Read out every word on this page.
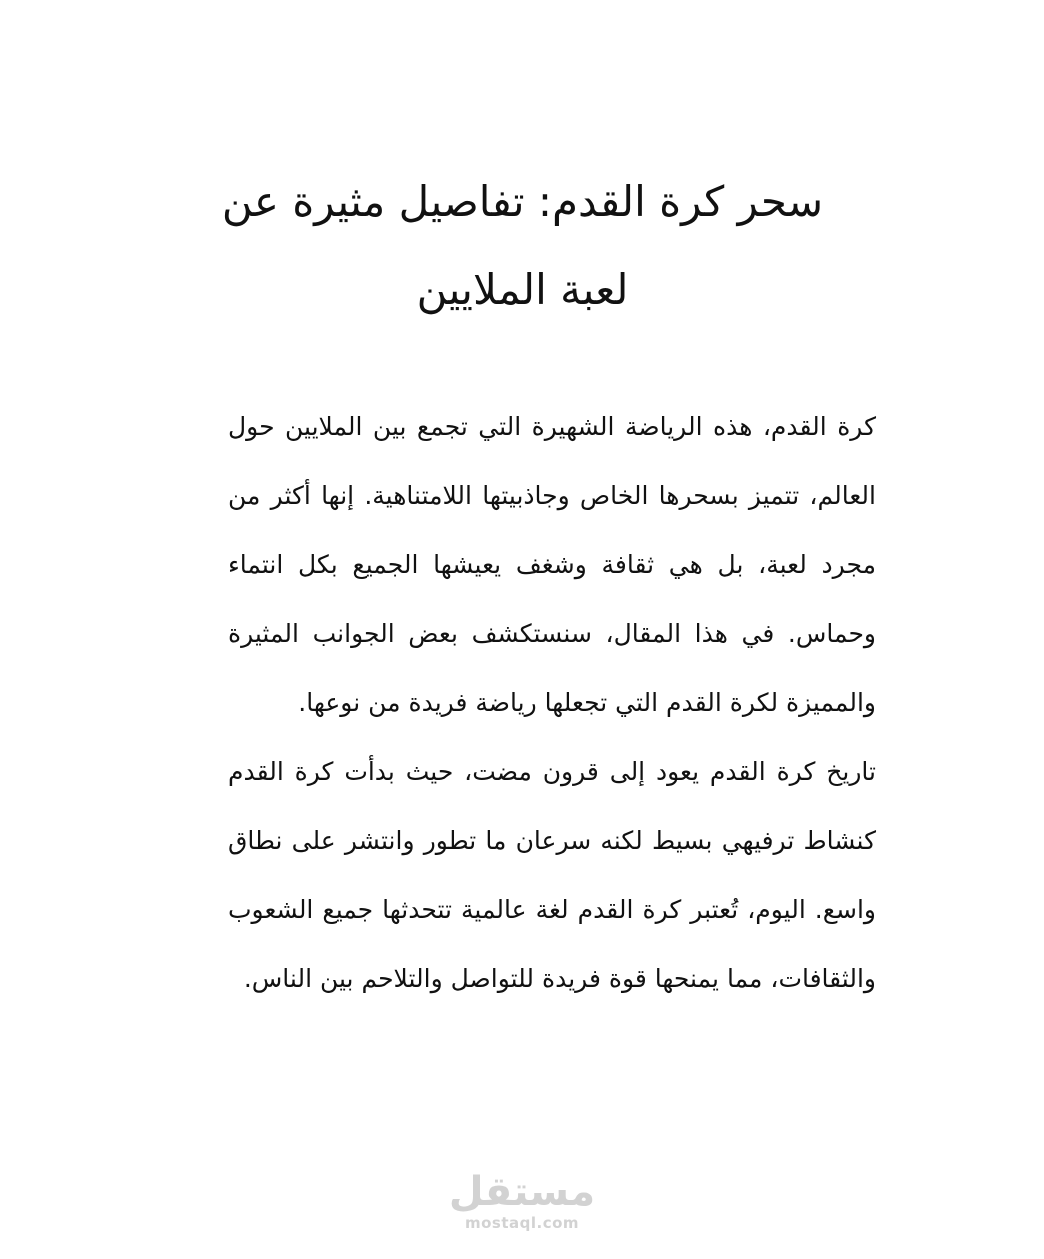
سحر كرة القدم: تفاصيل مثيرة عن لعبة الملايين

كرة القدم، هذه الرياضة الشهيرة التي تجمع بين الملايين حول العالم، تتميز بسحرها الخاص وجاذبيتها اللامتناهية. إنها أكثر من مجرد لعبة، بل هي ثقافة وشغف يعيشها الجميع بكل انتماء وحماس. في هذا المقال، سنستكشف بعض الجوانب المثيرة والمميزة لكرة القدم التي تجعلها رياضة فريدة من نوعها.

تاريخ كرة القدم يعود إلى قرون مضت، حيث بدأت كرة القدم كنشاط ترفيهي بسيط لكنه سرعان ما تطور وانتشر على نطاق واسع. اليوم، تُعتبر كرة القدم لغة عالمية تتحدثها جميع الشعوب والثقافات، مما يمنحها قوة فريدة للتواصل والتلاحم بين الناس.

مستقل
mostaql.com
